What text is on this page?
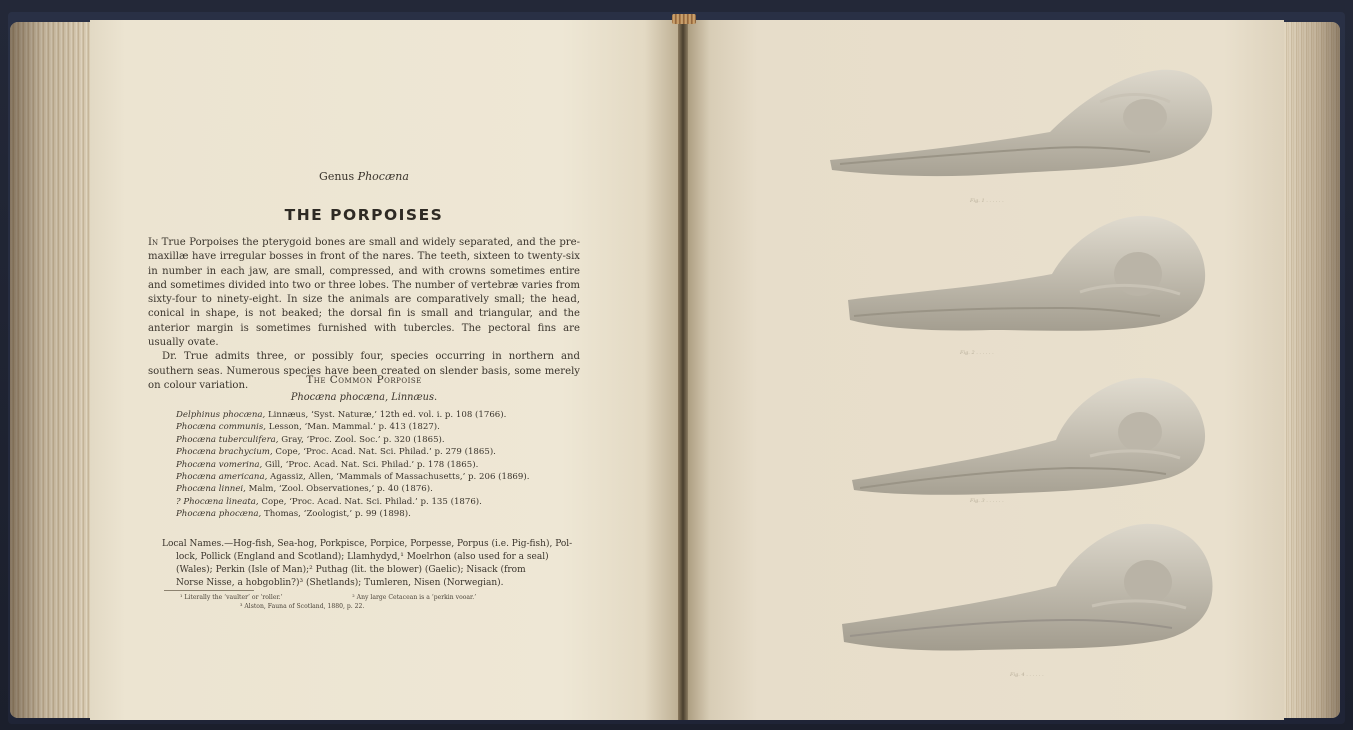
Genus Phocæna
THE PORPOISES

In True Porpoises the pterygoid bones are small and widely separated, and the pre-maxillæ have irregular bosses in front of the nares. The teeth, sixteen to twenty-six in number in each jaw, are small, compressed, and with crowns sometimes entire and sometimes divided into two or three lobes. The number of vertebræ varies from sixty-four to ninety-eight. In size the animals are comparatively small; the head, conical in shape, is not beaked; the dorsal fin is small and triangular, and the anterior margin is sometimes furnished with tubercles. The pectoral fins are usually ovate.

Dr. True admits three, or possibly four, species occurring in northern and southern seas. Numerous species have been created on slender basis, some merely on colour variation.	The Common Porpoise
Phocæna phocæna, Linnæus.
Delphinus phocæna, Linnæus, ‘Syst. Naturæ,’ 12th ed. vol. i. p. 108 (1766).
Phocæna communis, Lesson, ‘Man. Mammal.’ p. 413 (1827).
Phocæna tuberculifera, Gray, ‘Proc. Zool. Soc.’ p. 320 (1865).
Phocæna brachycium, Cope, ‘Proc. Acad. Nat. Sci. Philad.’ p. 279 (1865).
Phocæna vomerina, Gill, ‘Proc. Acad. Nat. Sci. Philad.’ p. 178 (1865).
Phocæna americana, Agassiz, Allen, ‘Mammals of Massachusetts,’ p. 206 (1869).
Phocæna linnei, Malm, ‘Zool. Observationes,’ p. 40 (1876).
? Phocæna lineata, Cope, ‘Proc. Acad. Nat. Sci. Philad.’ p. 135 (1876).
Phocæna phocæna, Thomas, ‘Zoologist,’ p. 99 (1898).
Local Names.—Hog-fish, Sea-hog, Porkpisce, Porpice, Porpesse, Porpus (i.e. Pig-fish), Pol-
lock, Pollick (England and Scotland); Llamhydyd,¹ Moelrhon (also used for a seal)
(Wales); Perkin (Isle of Man);² Puthag (lit. the blower) (Gaelic); Nisack (from
Norse Nisse, a hobgoblin?)³ (Shetlands); Tumleren, Nisen (Norwegian).
¹ Literally the ‘vaulter’ or ‘roller.’                                    ² Any large Cetacean is a ‘perkin vooar.’
³ Alston, Fauna of Scotland, 1880, p. 22.
Fig. 1 . . . . . .
Fig. 2 . . . . . .
Fig. 3 . . . . . .
Fig. 4 . . . . . .
